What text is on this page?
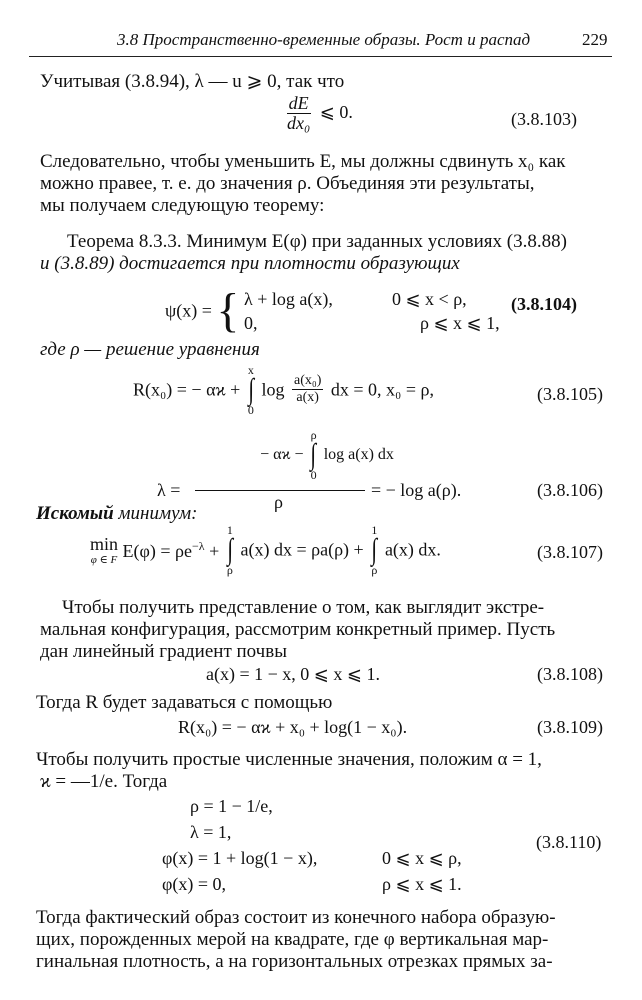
3.8 Пространственно-временные образы. Рост и распад	229
Учитывая (3.8.94), λ — u ⩾ 0, так что
$\frac{dE}{\text{dx₀}}$ ⩽ 0.	(3.8.103)
Следовательно, чтобы уменьшить E, мы должны сдвинуть x₀ как
можно правее, т. е. до значения ρ. Объединяя эти результаты,
мы получаем следующую теорему:
Теорема 8.3.3. Минимум E(φ) при заданных условиях (3.8.88)
и (3.8.89) достигается при плотности образующих
ψ(x) = { λ + log a(x),	0 ⩽ x < ρ,
0,	ρ ⩽ x ⩽ 1,
(3.8.104)
где ρ — решение уравнения
R(x₀) = − αϰ +
x
∫
0
$\log \frac{\text{a(x₀)}}{a(x)}$ dx = 0, x₀ = ρ,	(3.8.105)
λ =
− αϰ −
ρ
∫
0
log a(x) dx
ρ
= − log a(ρ).	(3.8.106)
Искомый минимум:
min
φ ∈ F $E(\varphi) = \rho e^{-\lambda}$ +
1
∫
ρ
a(x) dx = ρa(ρ) +
1
∫
ρ
a(x) dx.	(3.8.107)
Чтобы получить представление о том, как выглядит экстре-
мальная конфигурация, рассмотрим конкретный пример. Пусть
дан линейный градиент почвы
a(x) = 1 − x, 0 ⩽ x ⩽ 1.	(3.8.108)
Тогда R будет задаваться с помощью
R(x₀) = − αϰ + x₀ + log(1 − x₀).	(3.8.109)
Чтобы получить простые численные значения, положим α = 1,
ϰ = —1/e. Тогда
ρ = 1 − 1/e,
λ = 1,
φ(x) = 1 + log(1 − x),	0 ⩽ x ⩽ ρ,
φ(x) = 0,	ρ ⩽ x ⩽ 1.
(3.8.110)
Тогда фактический образ состоит из конечного набора образую-
щих, порожденных мерой на квадрате, где φ вертикальная мар-
гинальная плотность, а на горизонтальных отрезках прямых за-
